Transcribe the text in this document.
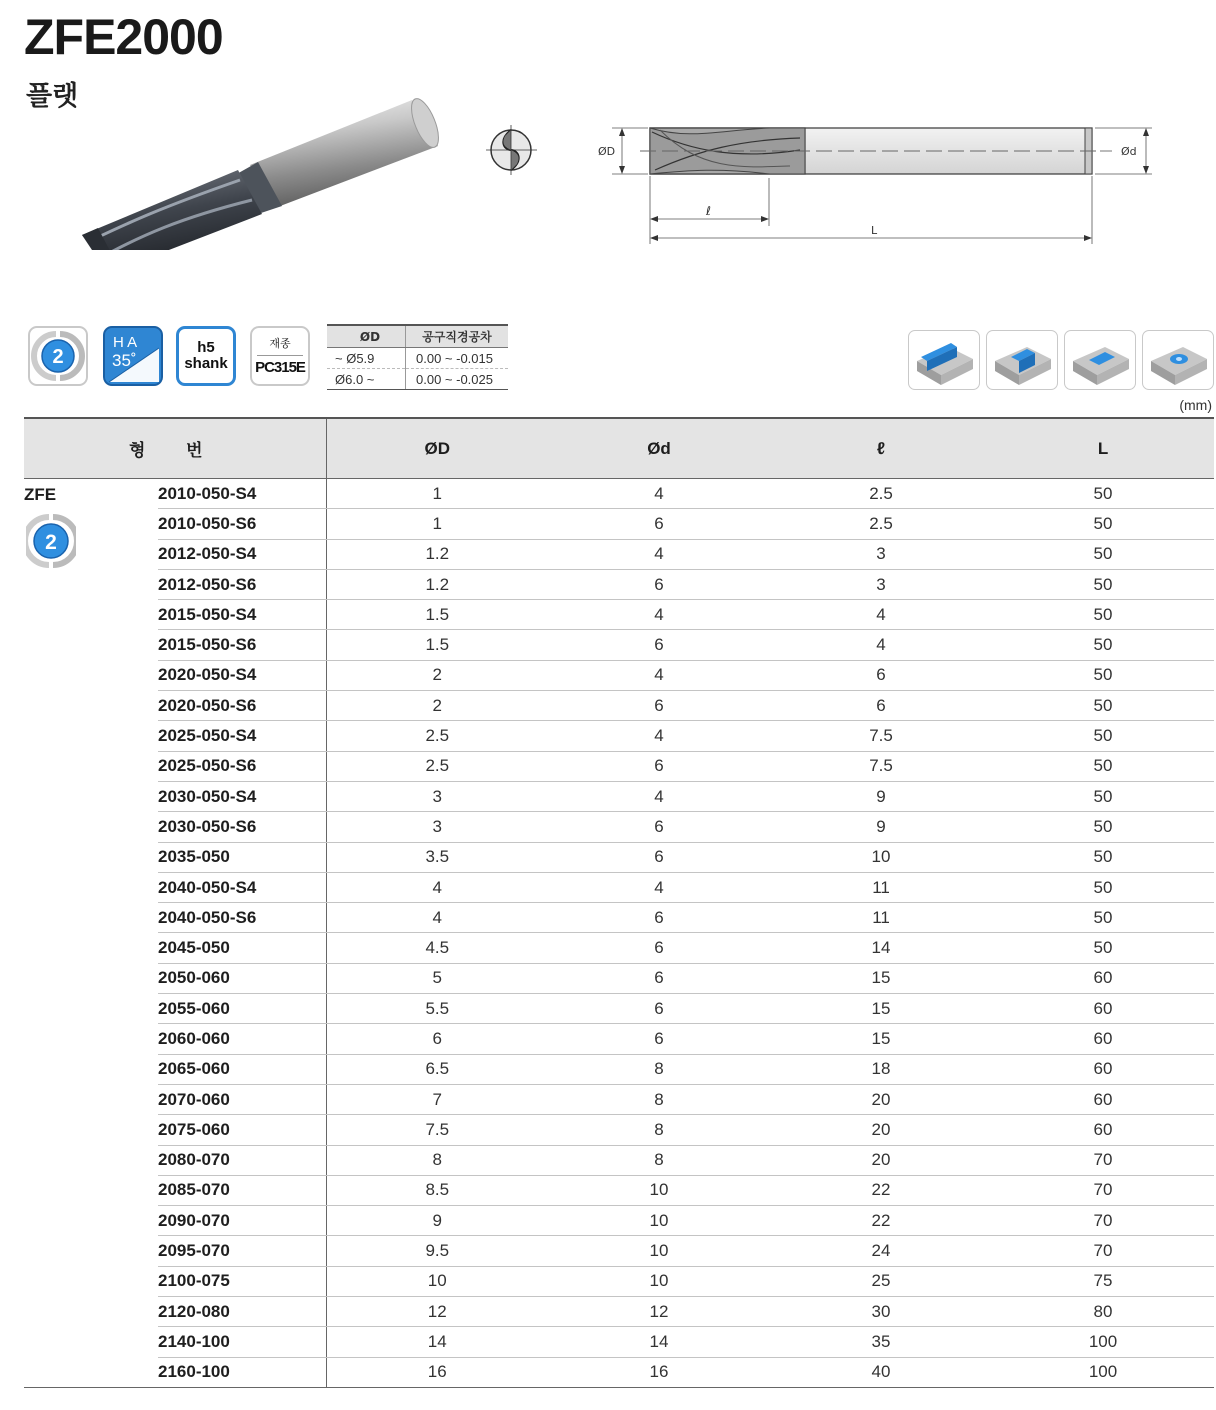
ZFE2000
플랫
ØD	Ød
ℓ
L
2
H A
35˚
h5
shank
재종
PC315E
ØD	공구직경공차
~ Ø5.9	0.00 ~ -0.015
Ø6.0 ~	0.00 ~ -0.025
(mm)
형 번		ØD	Ød	ℓ	L

ZFE
2	2010-050-S4	1	4	2.5	50
	2010-050-S6	1	6	2.5	50
	2012-050-S4	1.2	4	3	50
	2012-050-S6	1.2	6	3	50
	2015-050-S4	1.5	4	4	50
	2015-050-S6	1.5	6	4	50
	2020-050-S4	2	4	6	50
	2020-050-S6	2	6	6	50
	2025-050-S4	2.5	4	7.5	50
	2025-050-S6	2.5	6	7.5	50
	2030-050-S4	3	4	9	50
	2030-050-S6	3	6	9	50
	2035-050	3.5	6	10	50
	2040-050-S4	4	4	11	50
	2040-050-S6	4	6	11	50
	2045-050	4.5	6	14	50
	2050-060	5	6	15	60
	2055-060	5.5	6	15	60
	2060-060	6	6	15	60
	2065-060	6.5	8	18	60
	2070-060	7	8	20	60
	2075-060	7.5	8	20	60
	2080-070	8	8	20	70
	2085-070	8.5	10	22	70
	2090-070	9	10	22	70
	2095-070	9.5	10	24	70
	2100-075	10	10	25	75
	2120-080	12	12	30	80
	2140-100	14	14	35	100
	2160-100	16	16	40	100
